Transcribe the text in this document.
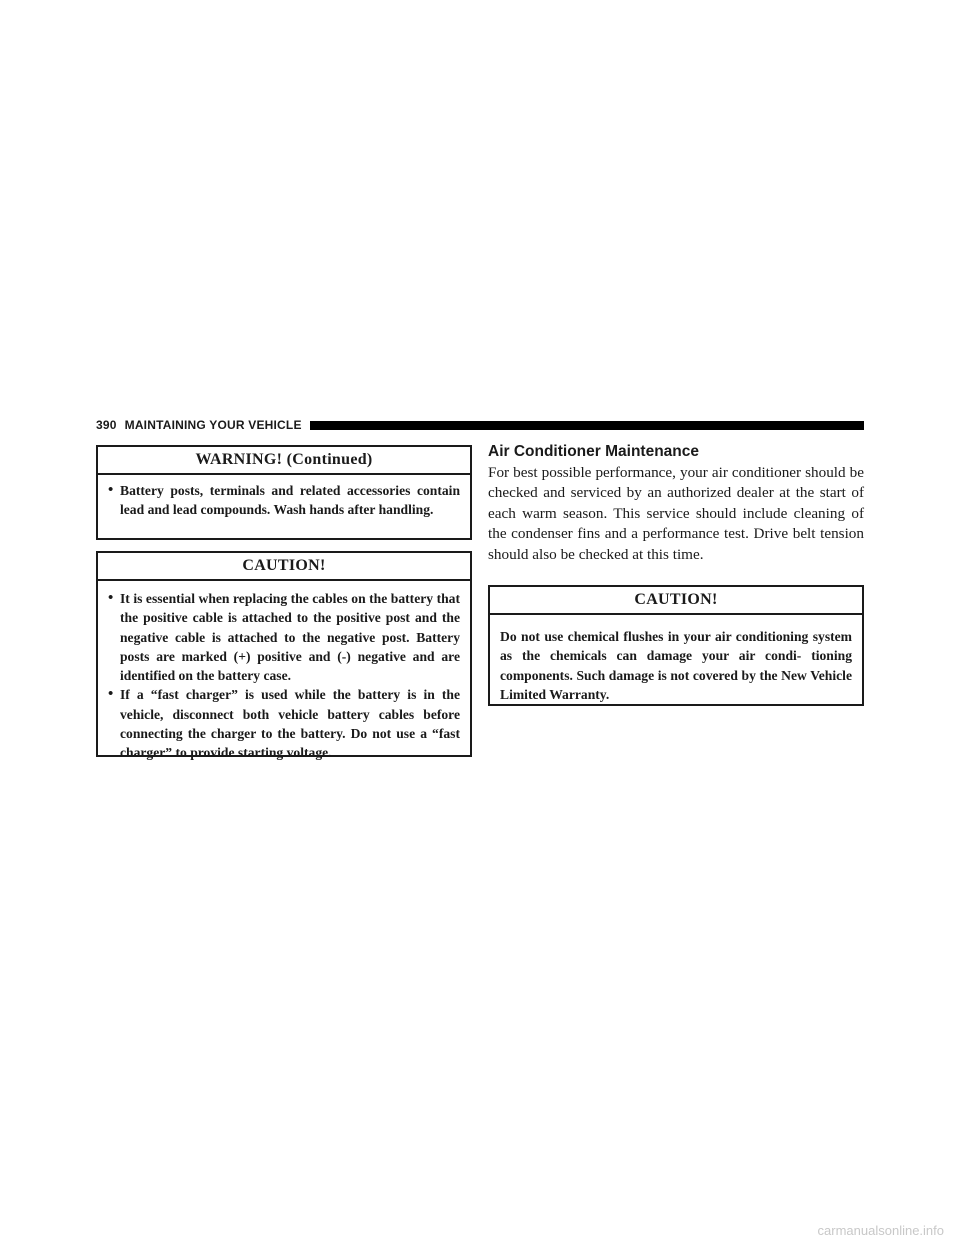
390 MAINTAINING YOUR VEHICLE
WARNING! (Continued)
• Battery posts, terminals and related accessories contain lead and lead compounds. Wash hands after handling.
CAUTION!
• It is essential when replacing the cables on the battery that the positive cable is attached to the positive post and the negative cable is attached to the negative post. Battery posts are marked (+) positive and (-) negative and are identified on the battery case.
• If a “fast charger” is used while the battery is in the vehicle, disconnect both vehicle battery cables before connecting the charger to the battery. Do not use a “fast charger” to provide starting voltage.
Air Conditioner Maintenance

For best possible performance, your air conditioner should be checked and serviced by an authorized dealer at the start of each warm season. This service should include cleaning of the condenser fins and a performance test. Drive belt tension should also be checked at this time.

CAUTION!
Do not use chemical flushes in your air conditioning system as the chemicals can damage your air condi- tioning components. Such damage is not covered by the New Vehicle Limited Warranty.
carmanualsonline.info
